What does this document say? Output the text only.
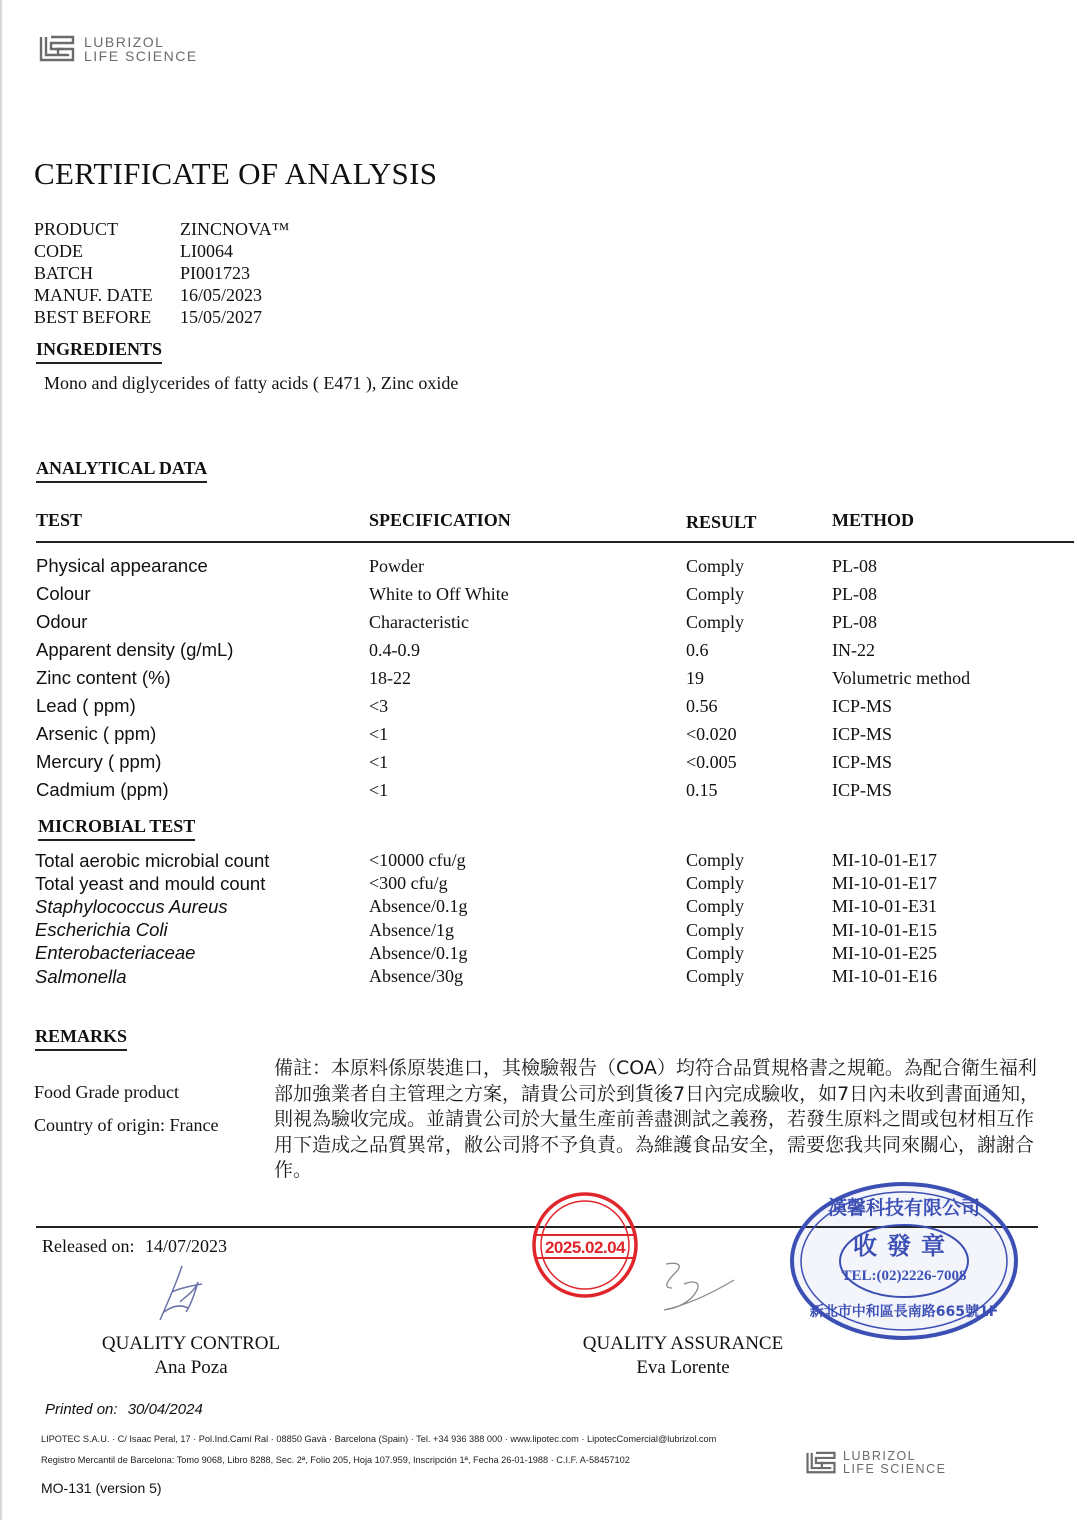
LUBRIZOL
LIFE SCIENCE
CERTIFICATE OF ANALYSIS
PRODUCT	ZINCNOVA™
CODE	LI0064
BATCH	PI001723
MANUF. DATE	16/05/2023
BEST BEFORE	15/05/2027
INGREDIENTS
Mono and diglycerides of fatty acids ( E471 ), Zinc oxide
ANALYTICAL DATA
TEST	SPECIFICATION	RESULT	METHOD
Physical appearance	Powder	Comply	PL-08
Colour	White to Off White	Comply	PL-08
Odour	Characteristic	Comply	PL-08
Apparent density (g/mL)	0.4-0.9	0.6	IN-22
Zinc content (%)	18-22	19	Volumetric method
Lead ( ppm)	<3	0.56	ICP-MS
Arsenic ( ppm)	<1	<0.020	ICP-MS
Mercury ( ppm)	<1	<0.005	ICP-MS
Cadmium (ppm)	<1	0.15	ICP-MS
MICROBIAL TEST
Total aerobic microbial count	<10000 cfu/g	Comply	MI-10-01-E17
Total yeast and mould count	<300 cfu/g	Comply	MI-10-01-E17
Staphylococcus Aureus	Absence/0.1g	Comply	MI-10-01-E31
Escherichia Coli	Absence/1g	Comply	MI-10-01-E15
Enterobacteriaceae	Absence/0.1g	Comply	MI-10-01-E25
Salmonella	Absence/30g	Comply	MI-10-01-E16
REMARKS
Food Grade product
Country of origin: France
備註：本原料係原裝進口，其檢驗報告（COA）均符合品質規格書之規範。為配合衛生福利部加強業者自主管理之方案，請貴公司於到貨後7日內完成驗收，如7日內未收到書面通知，則視為驗收完成。並請貴公司於大量生產前善盡測試之義務，若發生原料之間或包材相互作用下造成之品質異常，敝公司將不予負責。為維護食品安全，需要您我共同來關心，謝謝合作。
Released on: 14/07/2023	2025.02.04
漢馨科技有限公司
收發章
TEL:(02)2226-7008
新北市中和區長南路665號1F
QUALITY CONTROL
Ana Poza
QUALITY ASSURANCE
Eva Lorente
Printed on: 30/04/2024
LIPOTEC S.A.U. · C/ Isaac Peral, 17 · Pol.Ind.Camí Ral · 08850 Gavà · Barcelona (Spain) · Tel. +34 936 388 000 · www.lipotec.com · LipotecComercial@lubrizol.com
Registro Mercantil de Barcelona: Tomo 9068, Libro 8288, Sec. 2ª, Folio 205, Hoja 107.959, Inscripción 1ª, Fecha 26-01-1988 · C.I.F. A-58457102
MO-131 (version 5)
LUBRIZOL
LIFE SCIENCE
